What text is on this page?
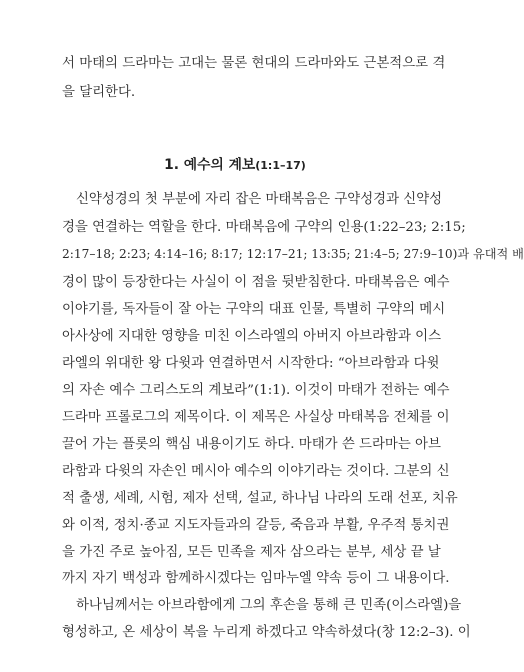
서 마태의 드라마는 고대는 물론 현대의 드라마와도 근본적으로 격
을 달리한다.
1. 예수의 계보(1:1–17)
신약성경의 첫 부분에 자리 잡은 마태복음은 구약성경과 신약성
경을 연결하는 역할을 한다. 마태복음에 구약의 인용(1:22–23; 2:15;
2:17–18; 2:23; 4:14–16; 8:17; 12:17–21; 13:35; 21:4–5; 27:9–10)과 유대적 배
경이 많이 등장한다는 사실이 이 점을 뒷받침한다. 마태복음은 예수
이야기를, 독자들이 잘 아는 구약의 대표 인물, 특별히 구약의 메시
아사상에 지대한 영향을 미친 이스라엘의 아버지 아브라함과 이스
라엘의 위대한 왕 다윗과 연결하면서 시작한다: “아브라함과 다윗
의 자손 예수 그리스도의 계보라”(1:1). 이것이 마태가 전하는 예수
드라마 프롤로그의 제목이다. 이 제목은 사실상 마태복음 전체를 이
끌어 가는 플롯의 핵심 내용이기도 하다. 마태가 쓴 드라마는 아브
라함과 다윗의 자손인 메시아 예수의 이야기라는 것이다. 그분의 신
적 출생, 세례, 시험, 제자 선택, 설교, 하나님 나라의 도래 선포, 치유
와 이적, 정치·종교 지도자들과의 갈등, 죽음과 부활, 우주적 통치권
을 가진 주로 높아짐, 모든 민족을 제자 삼으라는 분부, 세상 끝 날
까지 자기 백성과 함께하시겠다는 임마누엘 약속 등이 그 내용이다.
하나님께서는 아브라함에게 그의 후손을 통해 큰 민족(이스라엘)을
형성하고, 온 세상이 복을 누리게 하겠다고 약속하셨다(창 12:2–3). 이
